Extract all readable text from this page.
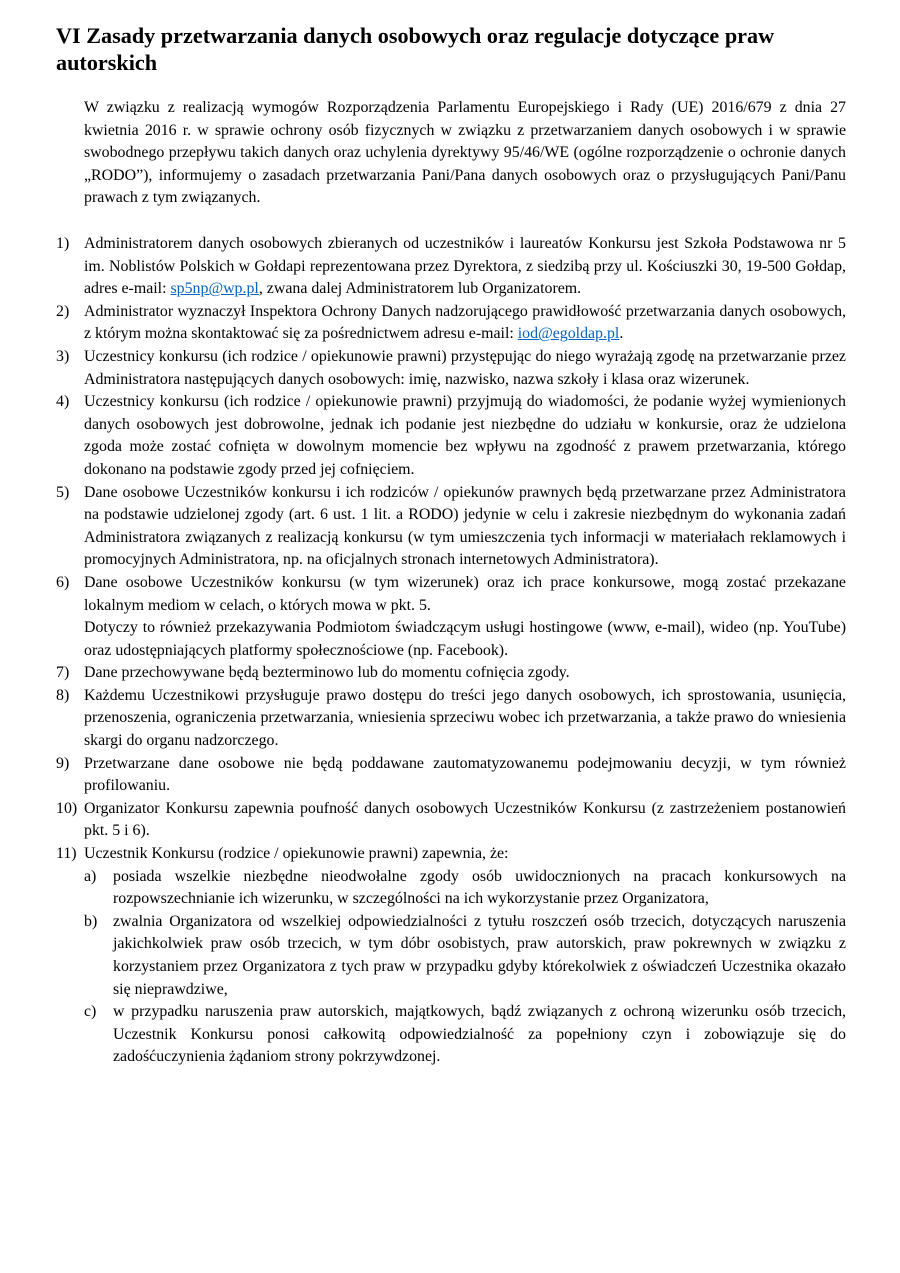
VI Zasady przetwarzania danych osobowych oraz regulacje dotyczące praw autorskich

W związku z realizacją wymogów Rozporządzenia Parlamentu Europejskiego i Rady (UE) 2016/679 z dnia 27 kwietnia 2016 r. w sprawie ochrony osób fizycznych w związku z przetwarzaniem danych osobowych i w sprawie swobodnego przepływu takich danych oraz uchylenia dyrektywy 95/46/WE (ogólne rozporządzenie o ochronie danych „RODO”), informujemy o zasadach przetwarzania Pani/Pana danych osobowych oraz o przysługujących Pani/Panu prawach z tym związanych.

1) Administratorem danych osobowych zbieranych od uczestników i laureatów Konkursu jest Szkoła Podstawowa nr 5 im. Noblistów Polskich w Gołdapi reprezentowana przez Dyrektora, z siedzibą przy ul. Kościuszki 30, 19-500 Gołdap, adres e-mail: sp5np@wp.pl, zwana dalej Administratorem lub Organizatorem.

2) Administrator wyznaczył Inspektora Ochrony Danych nadzorującego prawidłowość przetwarzania danych osobowych, z którym można skontaktować się za pośrednictwem adresu e-mail: iod@egoldap.pl.

3) Uczestnicy konkursu (ich rodzice / opiekunowie prawni) przystępując do niego wyrażają zgodę na przetwarzanie przez Administratora następujących danych osobowych: imię, nazwisko, nazwa szkoły i klasa oraz wizerunek.

4) Uczestnicy konkursu (ich rodzice / opiekunowie prawni) przyjmują do wiadomości, że podanie wyżej wymienionych danych osobowych jest dobrowolne, jednak ich podanie jest niezbędne do udziału w konkursie, oraz że udzielona zgoda może zostać cofnięta w dowolnym momencie bez wpływu na zgodność z prawem przetwarzania, którego dokonano na podstawie zgody przed jej cofnięciem.

5) Dane osobowe Uczestników konkursu i ich rodziców / opiekunów prawnych będą przetwarzane przez Administratora na podstawie udzielonej zgody (art. 6 ust. 1 lit. a RODO) jedynie w celu i zakresie niezbędnym do wykonania zadań Administratora związanych z realizacją konkursu (w tym umieszczenia tych informacji w materiałach reklamowych i promocyjnych Administratora, np. na oficjalnych stronach internetowych Administratora).

6) Dane osobowe Uczestników konkursu (w tym wizerunek) oraz ich prace konkursowe, mogą zostać przekazane lokalnym mediom w celach, o których mowa w pkt. 5.

Dotyczy to również przekazywania Podmiotom świadczącym usługi hostingowe (www, e-mail), wideo (np. YouTube) oraz udostępniających platformy społecznościowe (np. Facebook).

7) Dane przechowywane będą bezterminowo lub do momentu cofnięcia zgody.

8) Każdemu Uczestnikowi przysługuje prawo dostępu do treści jego danych osobowych, ich sprostowania, usunięcia, przenoszenia, ograniczenia przetwarzania, wniesienia sprzeciwu wobec ich przetwarzania, a także prawo do wniesienia skargi do organu nadzorczego.

9) Przetwarzane dane osobowe nie będą poddawane zautomatyzowanemu podejmowaniu decyzji, w tym również profilowaniu.

10) Organizator Konkursu zapewnia poufność danych osobowych Uczestników Konkursu (z zastrzeżeniem postanowień pkt. 5 i 6).

11) Uczestnik Konkursu (rodzice / opiekunowie prawni) zapewnia, że:

a) posiada wszelkie niezbędne nieodwołalne zgody osób uwidocznionych na pracach konkursowych na rozpowszechnianie ich wizerunku, w szczególności na ich wykorzystanie przez Organizatora,
b) zwalnia Organizatora od wszelkiej odpowiedzialności z tytułu roszczeń osób trzecich, dotyczących naruszenia jakichkolwiek praw osób trzecich, w tym dóbr osobistych, praw autorskich, praw pokrewnych w związku z korzystaniem przez Organizatora z tych praw w przypadku gdyby którekolwiek z oświadczeń Uczestnika okazało się nieprawdziwe,
c) w przypadku naruszenia praw autorskich, majątkowych, bądź związanych z ochroną wizerunku osób trzecich, Uczestnik Konkursu ponosi całkowitą odpowiedzialność za popełniony czyn i zobowiązuje się do zadośćuczynienia żądaniom strony pokrzywdzonej.
